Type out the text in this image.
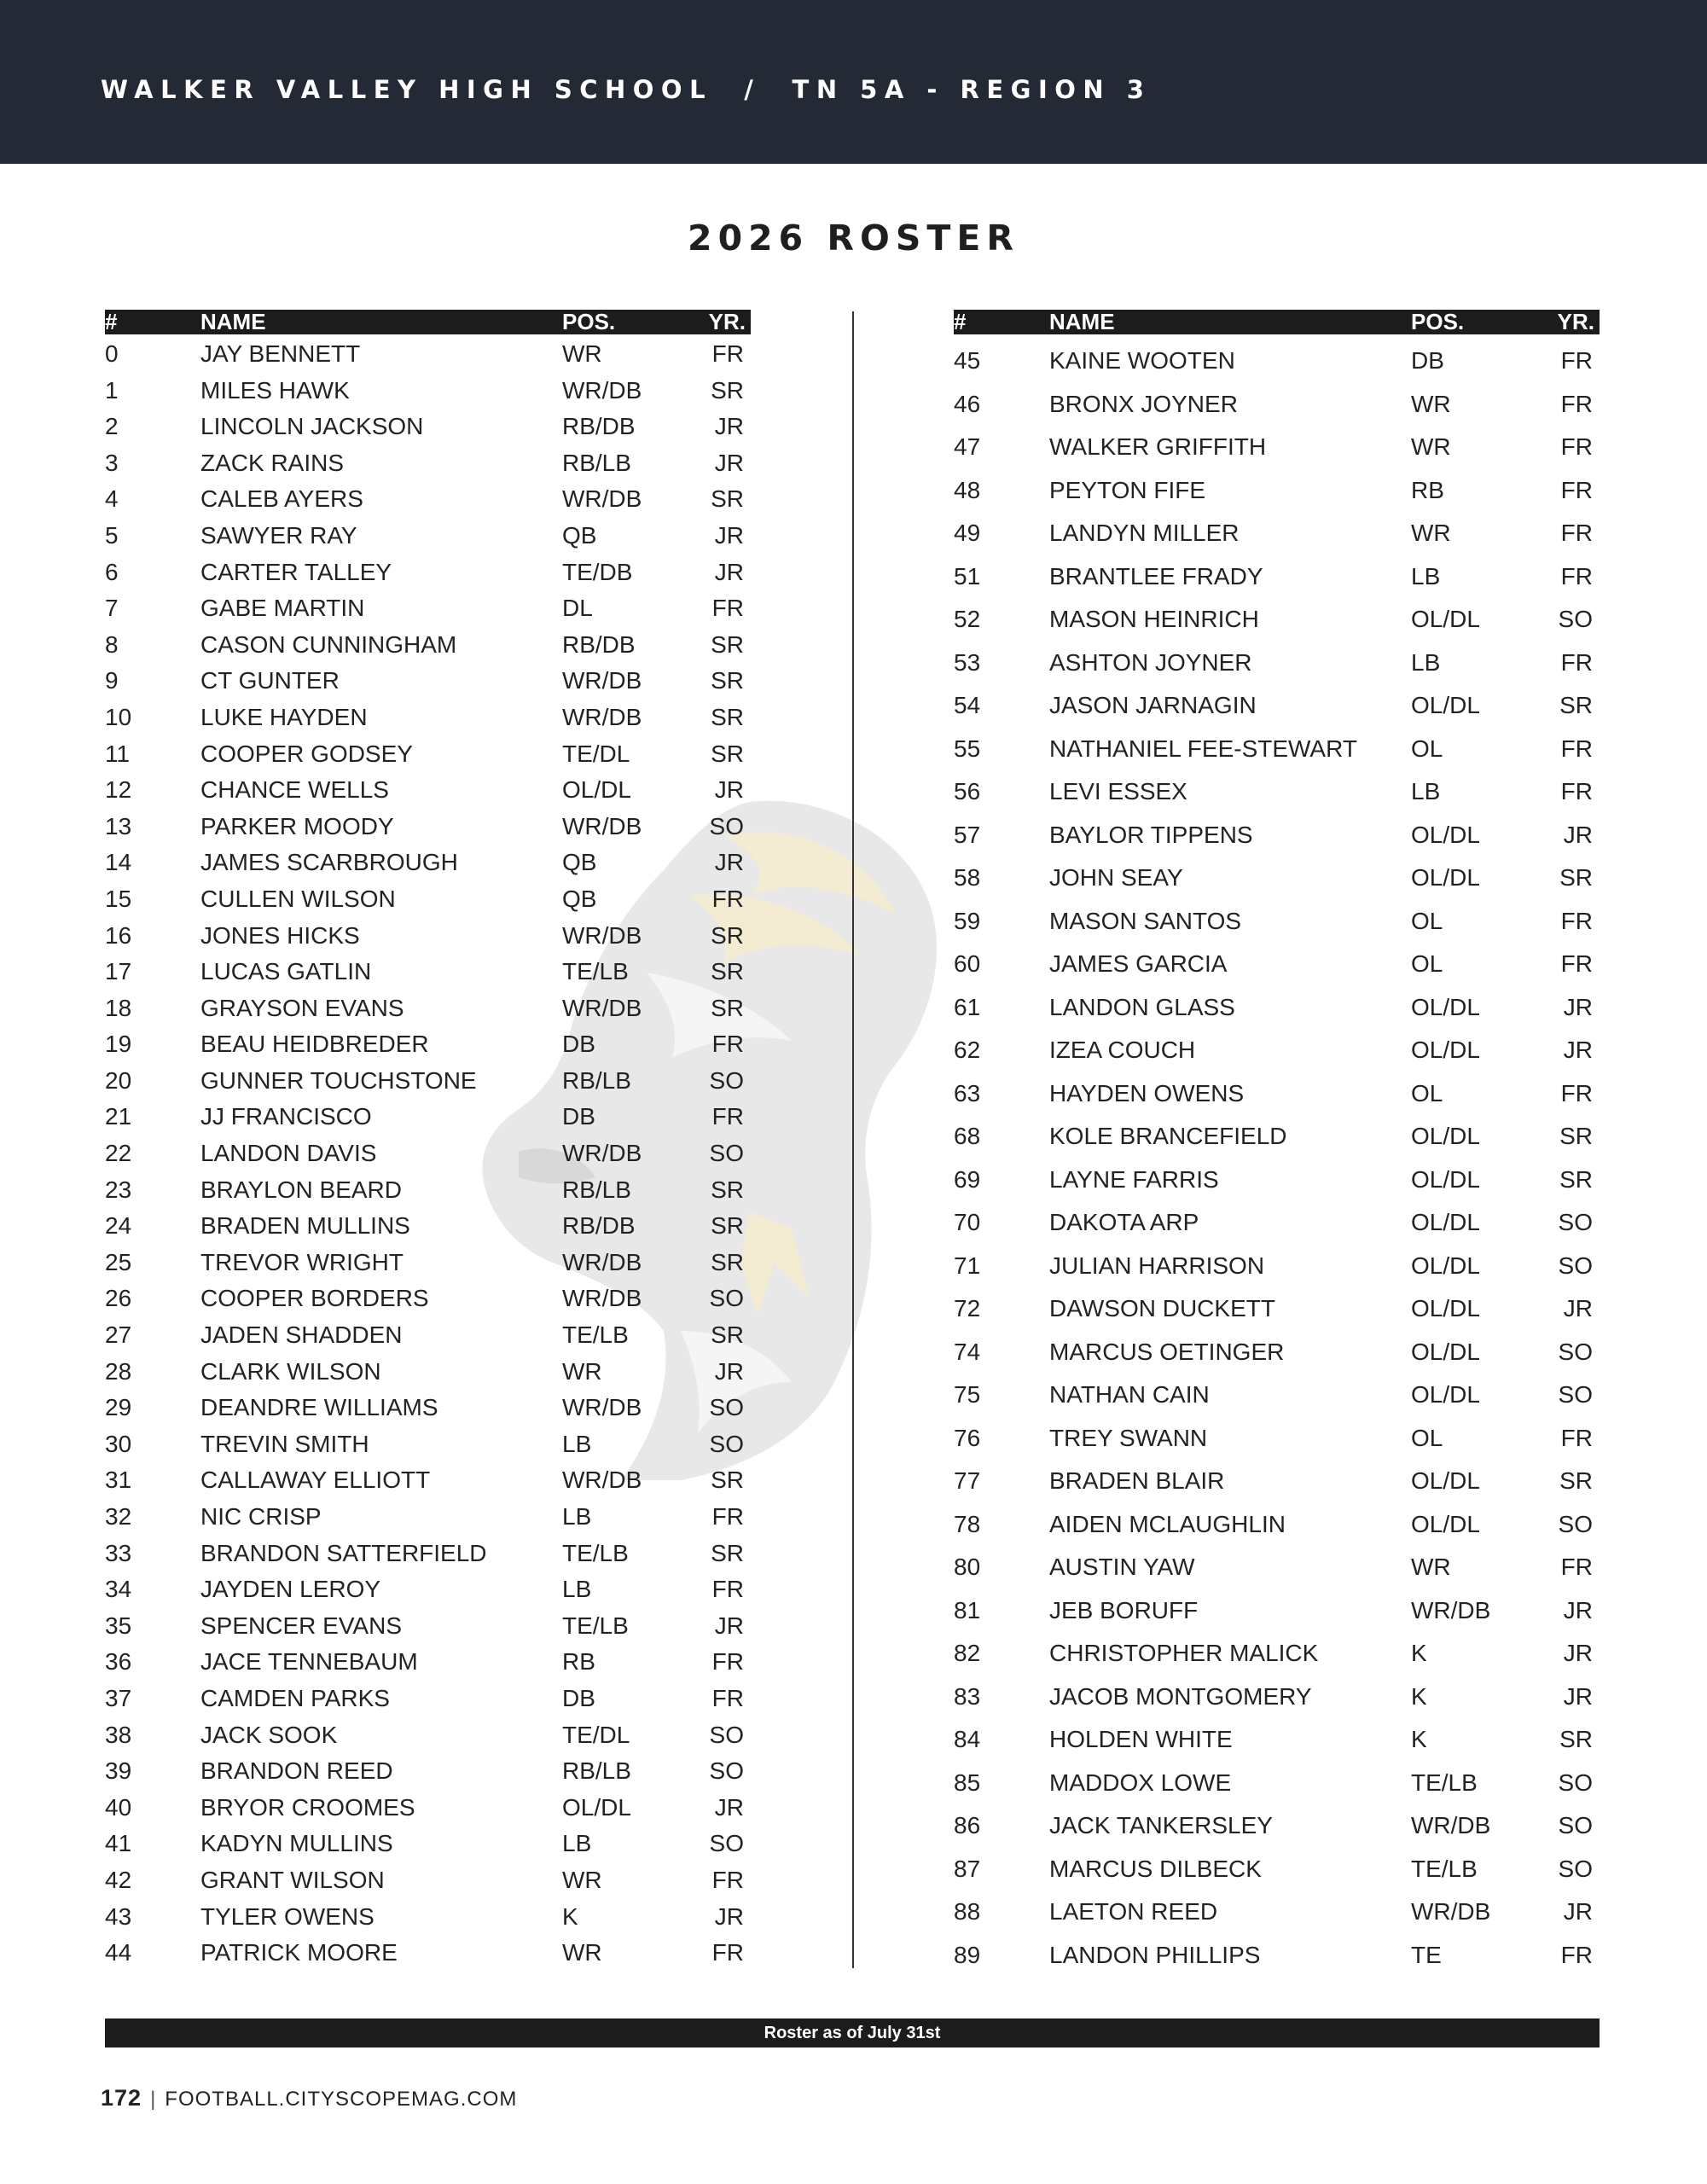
WALKER VALLEY HIGH SCHOOL  /  TN 5A - REGION 3
2026 ROSTER
#	NAME	POS.	YR.
0	JAY BENNETT	WR	FR
1	MILES HAWK	WR/DB	SR
2	LINCOLN JACKSON	RB/DB	JR
3	ZACK RAINS	RB/LB	JR
4	CALEB AYERS	WR/DB	SR
5	SAWYER RAY	QB	JR
6	CARTER TALLEY	TE/DB	JR
7	GABE MARTIN	DL	FR
8	CASON CUNNINGHAM	RB/DB	SR
9	CT GUNTER	WR/DB	SR
10	LUKE HAYDEN	WR/DB	SR
11	COOPER GODSEY	TE/DL	SR
12	CHANCE WELLS	OL/DL	JR
13	PARKER MOODY	WR/DB	SO
14	JAMES SCARBROUGH	QB	JR
15	CULLEN WILSON	QB	FR
16	JONES HICKS	WR/DB	SR
17	LUCAS GATLIN	TE/LB	SR
18	GRAYSON EVANS	WR/DB	SR
19	BEAU HEIDBREDER	DB	FR
20	GUNNER TOUCHSTONE	RB/LB	SO
21	JJ FRANCISCO	DB	FR
22	LANDON DAVIS	WR/DB	SO
23	BRAYLON BEARD	RB/LB	SR
24	BRADEN MULLINS	RB/DB	SR
25	TREVOR WRIGHT	WR/DB	SR
26	COOPER BORDERS	WR/DB	SO
27	JADEN SHADDEN	TE/LB	SR
28	CLARK WILSON	WR	JR
29	DEANDRE WILLIAMS	WR/DB	SO
30	TREVIN SMITH	LB	SO
31	CALLAWAY ELLIOTT	WR/DB	SR
32	NIC CRISP	LB	FR
33	BRANDON SATTERFIELD	TE/LB	SR
34	JAYDEN LEROY	LB	FR
35	SPENCER EVANS	TE/LB	JR
36	JACE TENNEBAUM	RB	FR
37	CAMDEN PARKS	DB	FR
38	JACK SOOK	TE/DL	SO
39	BRANDON REED	RB/LB	SO
40	BRYOR CROOMES	OL/DL	JR
41	KADYN MULLINS	LB	SO
42	GRANT WILSON	WR	FR
43	TYLER OWENS	K	JR
44	PATRICK MOORE	WR	FR
#	NAME	POS.	YR.
45	KAINE WOOTEN	DB	FR
46	BRONX JOYNER	WR	FR
47	WALKER GRIFFITH	WR	FR
48	PEYTON FIFE	RB	FR
49	LANDYN MILLER	WR	FR
51	BRANTLEE FRADY	LB	FR
52	MASON HEINRICH	OL/DL	SO
53	ASHTON JOYNER	LB	FR
54	JASON JARNAGIN	OL/DL	SR
55	NATHANIEL FEE-STEWART OL	FR
56	LEVI ESSEX	LB	FR
57	BAYLOR TIPPENS	OL/DL	JR
58	JOHN SEAY	OL/DL	SR
59	MASON SANTOS	OL	FR
60	JAMES GARCIA	OL	FR
61	LANDON GLASS	OL/DL	JR
62	IZEA COUCH	OL/DL	JR
63	HAYDEN OWENS	OL	FR
68	KOLE BRANCEFIELD	OL/DL	SR
69	LAYNE FARRIS	OL/DL	SR
70	DAKOTA ARP	OL/DL	SO
71	JULIAN HARRISON	OL/DL	SO
72	DAWSON DUCKETT	OL/DL	JR
74	MARCUS OETINGER	OL/DL	SO
75	NATHAN CAIN	OL/DL	SO
76	TREY SWANN	OL	FR
77	BRADEN BLAIR	OL/DL	SR
78	AIDEN MCLAUGHLIN	OL/DL	SO
80	AUSTIN YAW	WR	FR
81	JEB BORUFF	WR/DB	JR
82	CHRISTOPHER MALICK	K	JR
83	JACOB MONTGOMERY	K	JR
84	HOLDEN WHITE	K	SR
85	MADDOX LOWE	TE/LB	SO
86	JACK TANKERSLEY	WR/DB	SO
87	MARCUS DILBECK	TE/LB	SO
88	LAETON REED	WR/DB	JR
89	LANDON PHILLIPS	TE	FR
Roster as of July 31st
172 | FOOTBALL.CITYSCOPEMAG.COM
